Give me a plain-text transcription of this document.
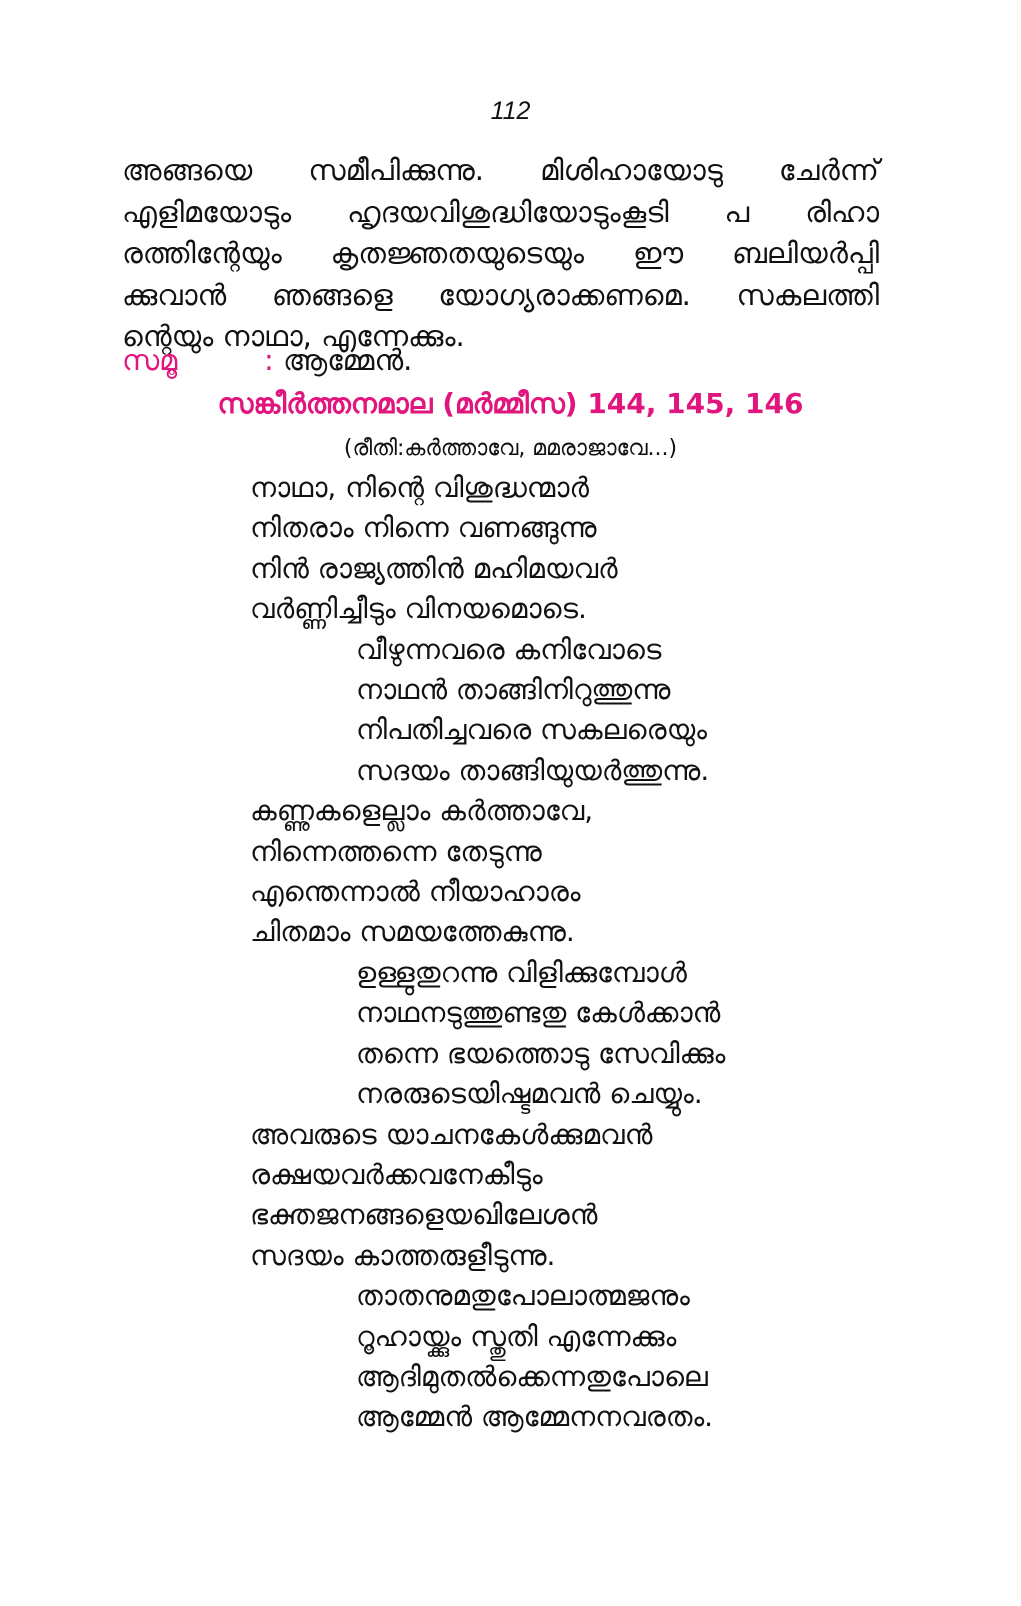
112
അങ്ങയെ സമീപിക്കുന്നു. മിശിഹായോടു ചേർന്ന്
എളിമയോടും ഹൃദയവിശുദ്ധിയോടുംകൂടി പ രിഹാ
രത്തിന്റേയും കൃതജ്ഞതയുടെയും ഈ ബലിയർപ്പി
ക്കുവാൻ ഞങ്ങളെ യോഗ്യരാക്കണമെ. സകലത്തി
ന്റെയും നാഥാ, എന്നേക്കും.
സമൂ	: ആമ്മേൻ.
സങ്കീർത്തനമാല (മർമ്മീസ) 144, 145, 146
(രീതി:കർത്താവേ, മമരാജാവേ...)
നാഥാ, നിന്റെ വിശുദ്ധന്മാർ
നിതരാം നിന്നെ വണങ്ങുന്നു
നിൻ രാജ്യത്തിൻ മഹിമയവർ
വർണ്ണിച്ചീടും വിനയമൊടെ.
വീഴുന്നവരെ കനിവോടെ
നാഥൻ താങ്ങിനിറുത്തുന്നു
നിപതിച്ചവരെ സകലരെയും
സദയം താങ്ങിയുയർത്തുന്നു.
കണ്ണുകളെല്ലാം കർത്താവേ,
നിന്നെത്തന്നെ തേടുന്നു
എന്തെന്നാൽ നീയാഹാരം
ചിതമാം സമയത്തേകുന്നു.
ഉള്ളുതുറന്നു വിളിക്കുമ്പോൾ
നാഥനടുത്തുണ്ടതു കേൾക്കാൻ
തന്നെ ഭയത്തൊടു സേവിക്കും
നരരുടെയിഷ്ടമവൻ ചെയ്യും.
അവരുടെ യാചനകേൾക്കുമവൻ
രക്ഷയവർക്കവനേകീടും
ഭക്തജനങ്ങളെയഖിലേശൻ
സദയം കാത്തരുളീടുന്നു.
താതനുമതുപോലാത്മജനും
റൂഹായ്ക്കും സ്തുതി എന്നേക്കും
ആദിമുതൽക്കെന്നതുപോലെ
ആമ്മേൻ ആമ്മേനനവരതം.
